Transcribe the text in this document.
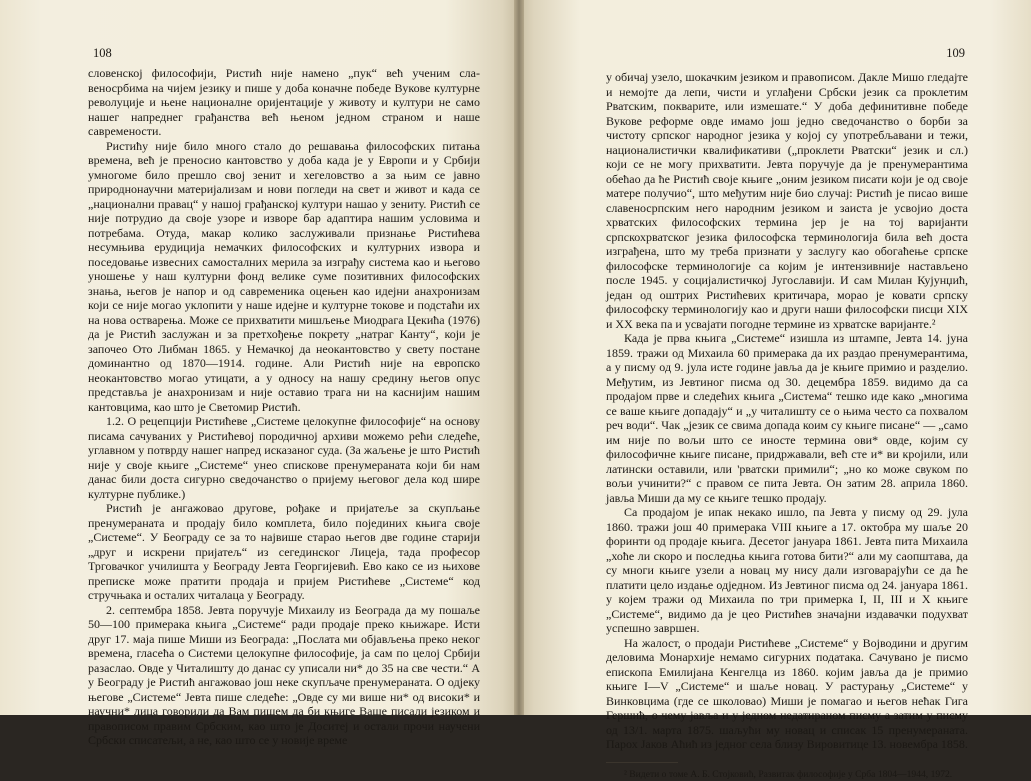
108

словенској философији, Ристић није намено „пук“ већ ученим славеносрбима на чијем језику и пише у доба коначне победе Вукове културне револуције и њене националне оријентације у животу и култури не само нашег напреднег грађанства већ њеном једном страном и наше савремености.

Ристићу није било много стало до решавања философских питања времена, већ је преносио кантовство у доба када је у Европи и у Србији умногоме било прешло свој зенит и хегеловство а за њим се јавно природнонаучни материјализам и нови погледи на свет и живот и када се „национални правац“ у нашој грађанској култури нашао у зениту. Ристић се није потрудио да своје узоре и изворе бар адаптира нашим условима и потребама. Отуда, макар колико заслуживали признање Ристићева несумњива ерудиција немачких философских и културних извора и поседовање извесних самосталних мерила за изграђу система као и његово уношење у наш културни фонд велике суме позитивних философских знања, његов је напор и од савременика оцењен као идејни анахронизам који се није могао уклопити у наше идејне и културне токове и подстаћи их на нова остварења. Може се прихватити мишљење Миодрага Цекића (1976) да је Ристић заслужан и за претхођење покрету „натраг Канту“, који је започео Ото Либман 1865. у Немачкој да неокантовство у свету постане доминантно од 1870—1914. године. Али Ристић није на европско неокантовство могао утицати, а у односу на нашу средину његов опус представља је анахронизам и није оставио трага ни на каснијим нашим кантовцима, као што је Светомир Ристић.

1.2. О рецепцији Ристићеве „Системе целокупне философије“ на основу писама сачуваних у Ристићевој породичној архиви можемо рећи следеће, углавном у потврду нашег напред исказаног суда. (За жаљење је што Ристић није у своје књиге „Системе“ унео спискове пренумераната који би нам данас били доста сигурно сведочанство о пријему његовог дела код шире културне публике.)

Ристић је ангажовао другове, рођаке и пријатеље за скупљање пренумераната и продају било комплета, било појединих књига своје „Системе“. У Београду се за то највише старао његов две године старији „друг и искрени пријатељ“ из сегединског Лицеја, тада професор Трговачког училишта у Београду Јевта Георгијевић. Ево како се из њихове преписке може пратити продаја и пријем Ристићеве „Системе“ код стручњака и осталих читалаца у Београду.

2. септембра 1858. Јевта поручује Михаилу из Београда да му пошаље 50—100 примерака књига „Системе“ ради продаје преко књижаре. Исти друг 17. маја пише Миши из Београда: „Послата ми објављења преко некoг времена, гласећа о Системи целокупне философије, ја сам по целој Србији разаслао. Овде у Читалишту до данас су уписали ни* до 35 на све чести.“ А у Београду је Ристић ангажовао још неке скупљаче пренумераната. О одјеку његове „Системе“ Јевта пише следеће: „Овде су ми више ни* од високи* и научни* лица говорили да Вам пишем да би књиге Ваше писали језиком и правописом правим Србским, као што је Доситеј и остали прочи научени Србски списатељи, а не, као што се у новије време

109

у обичај узело, шокачким језиком и правописом. Дакле Мишо гледајте и немојте да лепи, чисти и углађени Србски језик са проклетим Рватским, покварите, или измешате.“ У доба дефинитивне победе Вукове реформе овде имамо још једно сведочанство о борби за чистоту српског народног језика у којој су употребљавани и тежи, националистички квалификативи („проклети Рватски“ језик и сл.) који се не могу прихватити. Јевта поручује да је пренумерантима обећао да ће Ристић своје књиге „оним језиком писати који је од своје матере получио“, што међутим није био случај: Ристић је писао више славеносрпским него народним језиком и заиста је усвојио доста хрватских философских термина јер је на тој варијанти српскохрватског језика философска терминологија била већ доста изграђена, што му треба признати у заслугу као обогаћење српске философске терминологије са којим је интензивније настављено после 1945. у социјалистичкој Југославији. И сам Милан Кујунџић, један од оштрих Ристићевих критичара, морао је ковати српску философску терминологију као и други наши философски писци XIX и XX века па и усвајати погодне термине из хрватске варијанте.²

Када је прва књига „Системе“ изишла из штампе, Јевта 14. јуна 1859. тражи од Михаила 60 примерака да их раздао пренумерантима, а у писму од 9. јула исте године јавља да је књиге примио и разделио. Међутим, из Јевтиног писма од 30. децембра 1859. видимо да са продајом прве и следећих књига „Система“ тешко иде како „многима се ваше књиге допадају“ и „у читалишту се о њима честo са похвалом реч води“. Чак „језик се свима допада коим су књиге писане“ — „само им није по вољи што се иносте терминa ови* овде, којим су философичне књиге писане, придржавали, већ сте и* ви кројили, или латински оставили, или 'рватски примили“; „но ко може свуком по вољи учинити?“ с правом се пита Јевта. Он затим 28. априла 1860. јавља Миши да му се књиге тешко продају.

Са продајом је ипак некако ишло, па Јевта у писму од 29. јула 1860. тражи још 40 примерака VIII књиге а 17. октобра му шаље 20 форинти од продаје књига. Десетог јануара 1861. Јевта пита Михаила „хоће ли скоро и последња књига готова бити?“ али му саопштава, да су многи књиге узели а новац му нису дали изговарајући се да ће платити цело издање одједном. Из Јевтиног писма од 24. јануара 1861. у којем тражи од Михаила по три примерка I, II, III и Х књиге „Системе“, видимо да је цео Ристићев значајни издавачки подухват успешно завршен.

На жалост, о продаји Ристићеве „Системе“ у Војводини и другим деловима Монархије немамо сигурних података. Сачувано је писмо епископа Емилијана Кенгелца из 1860. којим јавља да је примио књиге I—V „Системе“ и шаље новац. У растурању „Системе“ у Винковцима (где се школовао) Миши је помагао и његов нећак Гига Гершић, о чему јавља и у једном недатираном писму а затим у писму од 13/1. марта 1875. шаљући му новац и списак 15 пренумераната. Парох Јаков Аћић из једног села близу Вировитице 13. новембра 1858.

² Видети о томе А. Б. Стојковић, Развитак философије у Срба 1804—1944, 1972.
